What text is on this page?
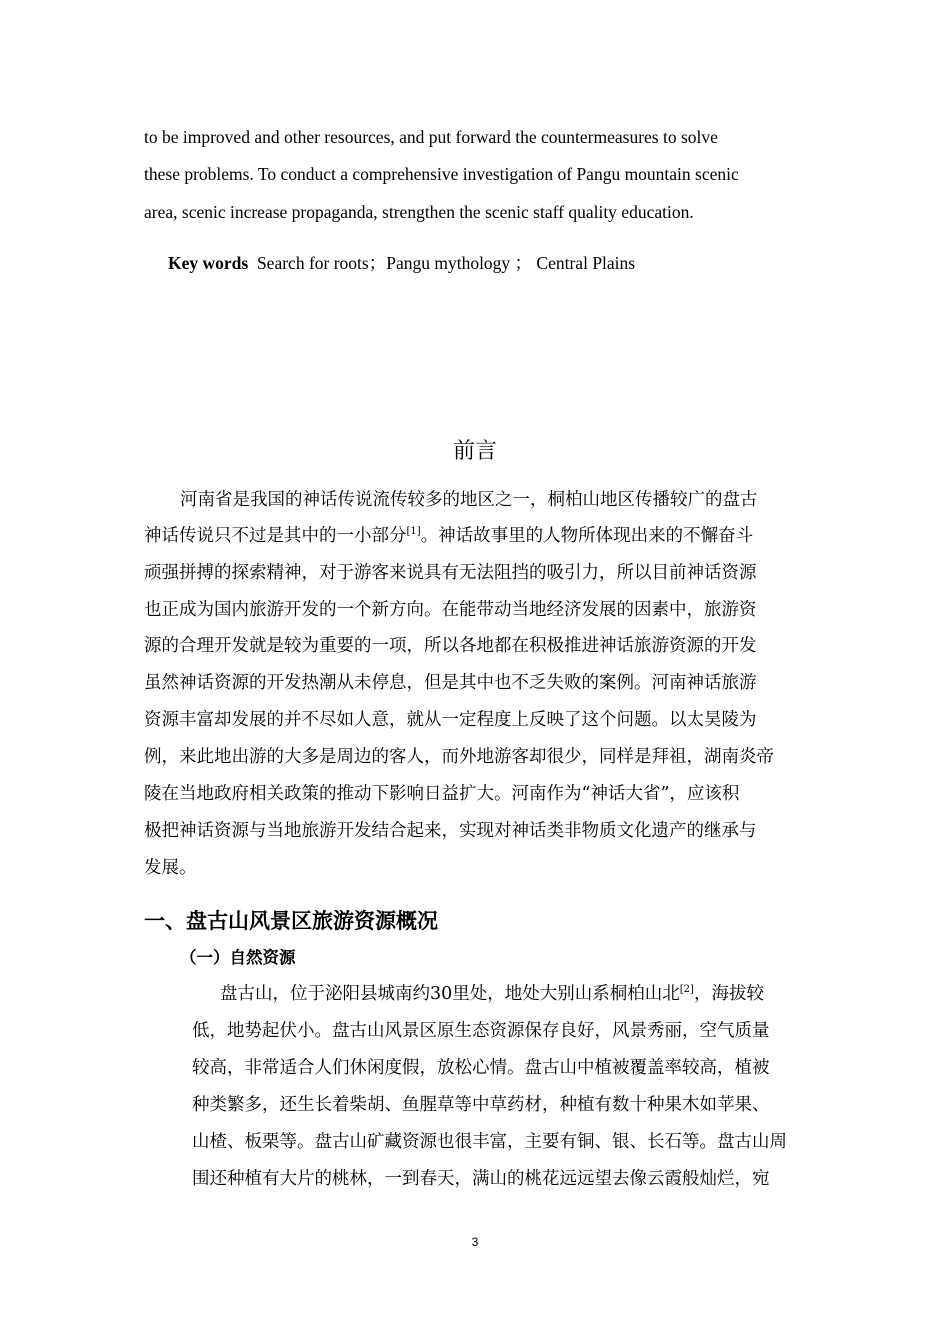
to be improved and other resources, and put forward the countermeasures to solve
these problems. To conduct a comprehensive investigation of Pangu mountain scenic
area, scenic increase propaganda, strengthen the scenic staff quality education.
Key words Search for roots；Pangu mythology ； Central Plains
前言
河南省是我国的神话传说流传较多的地区之一，桐柏山地区传播较广的盘古
神话传说只不过是其中的一小部分[1]。神话故事里的人物所体现出来的不懈奋斗
顽强拼搏的探索精神，对于游客来说具有无法阻挡的吸引力，所以目前神话资源
也正成为国内旅游开发的一个新方向。在能带动当地经济发展的因素中，旅游资
源的合理开发就是较为重要的一项，所以各地都在积极推进神话旅游资源的开发
虽然神话资源的开发热潮从未停息，但是其中也不乏失败的案例。河南神话旅游
资源丰富却发展的并不尽如人意，就从一定程度上反映了这个问题。以太昊陵为
例，来此地出游的大多是周边的客人，而外地游客却很少，同样是拜祖，湖南炎帝
陵在当地政府相关政策的推动下影响日益扩大。河南作为“神话大省”，应该积
极把神话资源与当地旅游开发结合起来，实现对神话类非物质文化遗产的继承与
发展。
一、盘古山风景区旅游资源概况
（一）自然资源
盘古山，位于泌阳县城南约30里处，地处大别山系桐柏山北[2]，海拔较
低，地势起伏小。盘古山风景区原生态资源保存良好，风景秀丽，空气质量
较高，非常适合人们休闲度假，放松心情。盘古山中植被覆盖率较高，植被
种类繁多，还生长着柴胡、鱼腥草等中草药材，种植有数十种果木如苹果、
山楂、板栗等。盘古山矿藏资源也很丰富，主要有铜、银、长石等。盘古山周
围还种植有大片的桃林，一到春天，满山的桃花远远望去像云霞般灿烂，宛
3
